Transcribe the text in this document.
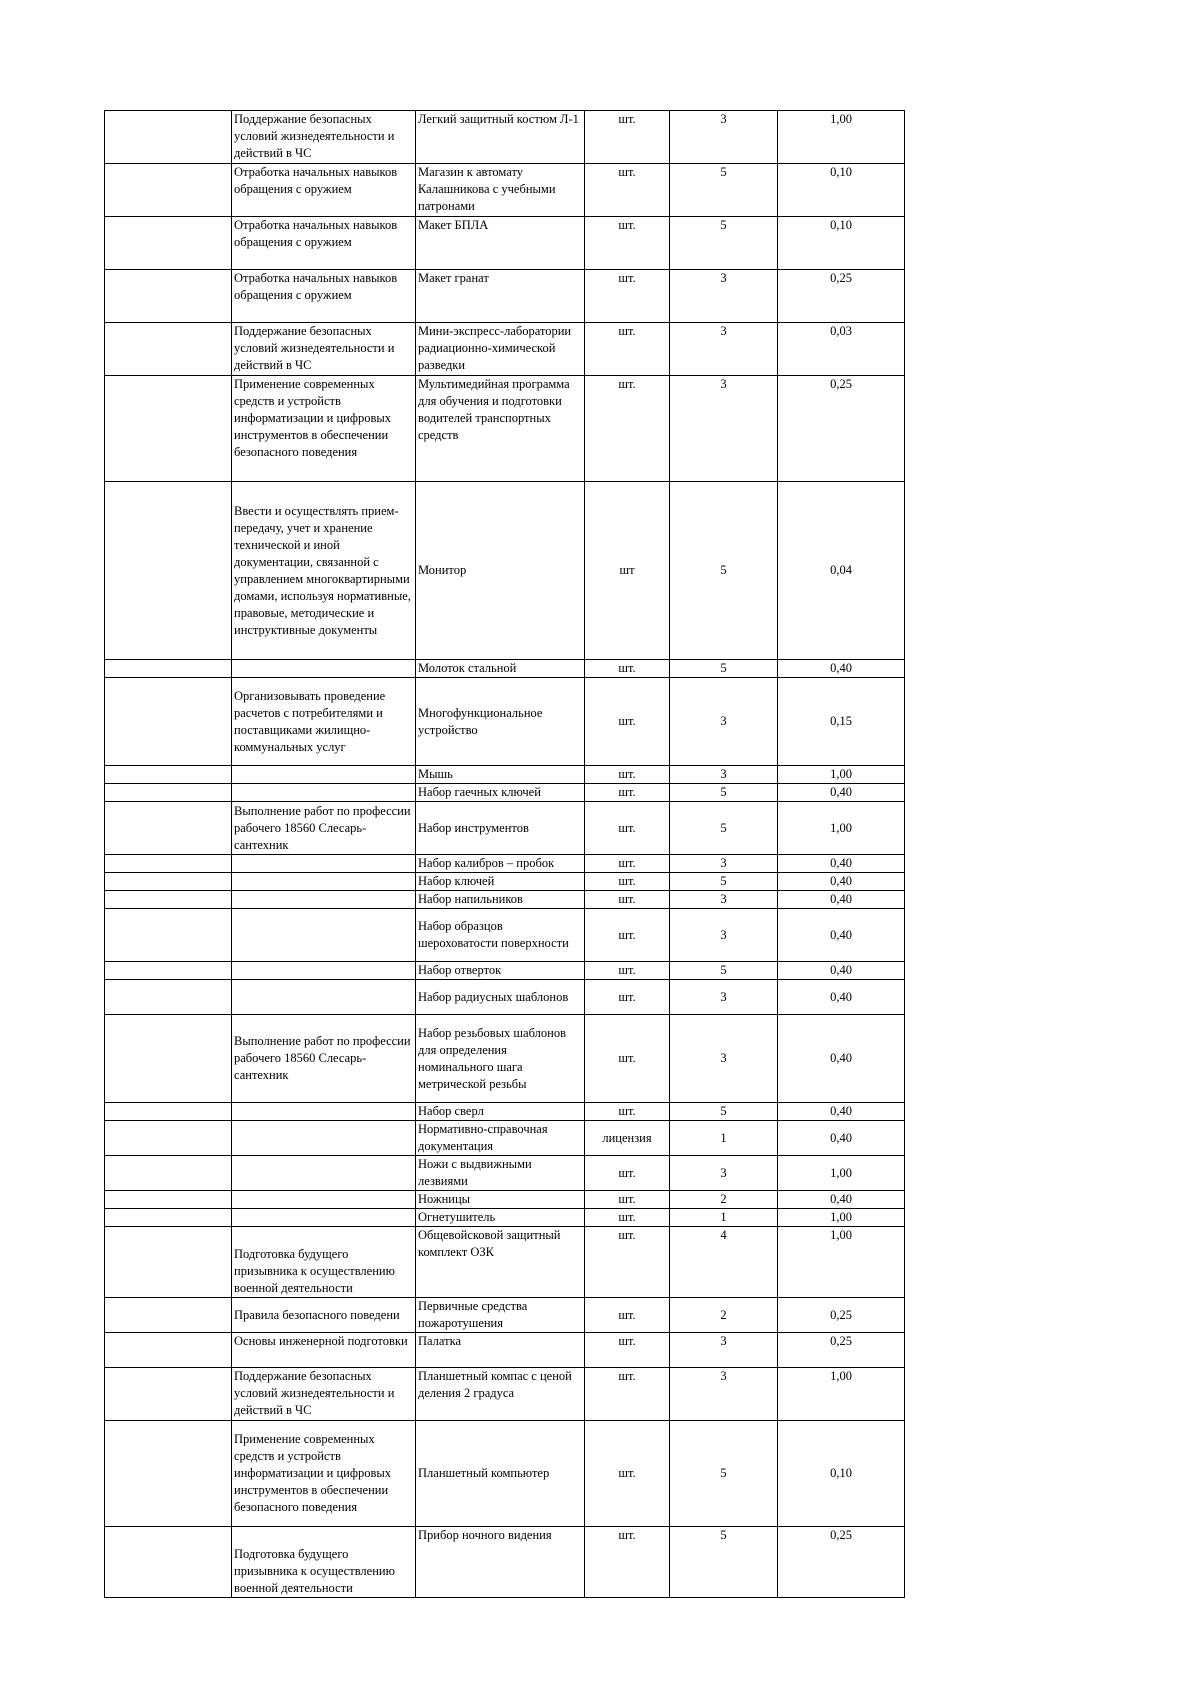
	Поддержание безопасных условий жизнедеятельности и действий в ЧС	Легкий защитный костюм Л-1	шт.	3	1,00
	Отработка начальных навыков обращения с оружием	Магазин к автомату Калашникова с учебными патронами	шт.	5	0,10
	Отработка начальных навыков обращения с оружием	Макет БПЛА	шт.	5	0,10
	Отработка начальных навыков обращения с оружием	Макет гранат	шт.	3	0,25
	Поддержание безопасных условий жизнедеятельности и действий в ЧС	Мини-экспресс-лаборатории радиационно-химической разведки	шт.	3	0,03
	Применение современных средств и устройств информатизации и цифровых инструментов в обеспечении безопасного поведения	Мультимедийная программа для обучения и подготовки водителей транспортных средств	шт.	3	0,25
	Ввести и осуществлять прием-передачу, учет и хранение технической и иной документации, связанной с управлением многоквартирными домами, используя нормативные, правовые, методические и инструктивные документы	Монитор	шт	5	0,04
		Молоток стальной	шт.	5	0,40
	Организовывать проведение расчетов с потребителями и поставщиками жилищно-коммунальных услуг	Многофункциональное устройство	шт.	3	0,15
		Мышь	шт.	3	1,00
		Набор гаечных ключей	шт.	5	0,40
	Выполнение работ по профессии рабочего 18560 Слесарь-сантехник	Набор инструментов	шт.	5	1,00
		Набор калибров – пробок	шт.	3	0,40
		Набор ключей	шт.	5	0,40
		Набор напильников	шт.	3	0,40
		Набор образцов шероховатости поверхности	шт.	3	0,40
		Набор отверток	шт.	5	0,40
		Набор радиусных шаблонов	шт.	3	0,40
	Выполнение работ по профессии рабочего 18560 Слесарь-сантехник	Набор резьбовых шаблонов для определения номинального шага метрической резьбы	шт.	3	0,40
		Набор сверл	шт.	5	0,40
		Нормативно-справочная документация	лицензия	1	0,40
		Ножи с выдвижными лезвиями	шт.	3	1,00
		Ножницы	шт.	2	0,40
		Огнетушитель	шт.	1	1,00
	Подготовка будущего призывника к осуществлению военной деятельности	Общевойсковой защитный комплект ОЗК	шт.	4	1,00
	Правила безопасного поведени	Первичные средства пожаротушения	шт.	2	0,25
	Основы инженерной подготовки	Палатка	шт.	3	0,25
	Поддержание безопасных условий жизнедеятельности и действий в ЧС	Планшетный компас с ценой деления 2 градуса	шт.	3	1,00
	Применение современных средств и устройств информатизации и цифровых инструментов в обеспечении безопасного поведения	Планшетный компьютер	шт.	5	0,10
	Подготовка будущего призывника к осуществлению военной деятельности	Прибор ночного видения	шт.	5	0,25
